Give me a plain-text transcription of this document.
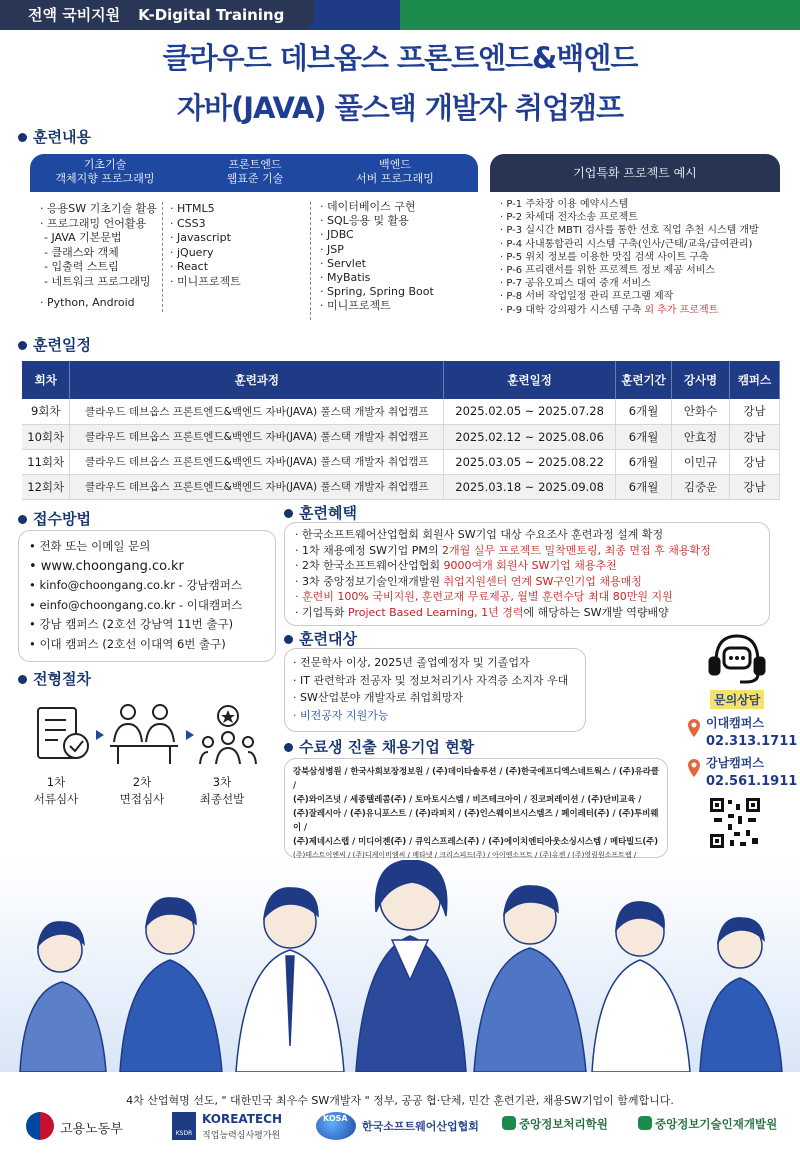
전액 국비지원 K-Digital Training
클라우드 데브옵스 프론트엔드&백엔드
자바(JAVA) 풀스택 개발자 취업캠프
훈련내용
기초기술
객체지향 프로그래밍
프론트엔드
웹표준 기술
백엔드
서버 프로그래밍
· 응용SW 기초기술 활용
· 프로그래밍 언어활용
- JAVA 기본문법
- 클래스와 객체
- 입출력 스트림
- 네트워크 프로그래밍
· Python, Android
· HTML5
· CSS3
· Javascript
· jQuery
· React
· 미니프로젝트
· 데이터베이스 구현
· SQL응용 및 활용
· JDBC
· JSP
· Servlet
· MyBatis
· Spring, Spring Boot
· 미니프로젝트
기업특화 프로젝트 예시
· P-1 주차장 이용 예약시스템
· P-2 차세대 전자소송 프로젝트
· P-3 실시간 MBTI 검사를 통한 선호 직업 추천 시스템 개발
· P-4 사내통합관리 시스템 구축(인사/근태/교육/급여관리)
· P-5 위치 정보를 이용한 맛집 검색 사이트 구축
· P-6 프리랜서를 위한 프로젝트 정보 제공 서비스
· P-7 공유오피스 대여 중개 서비스
· P-8 서버 작업일정 관리 프로그램 제작
· P-9 대학 강의평가 시스템 구축 외 추가 프로젝트
훈련일정
회차	훈련과정	훈련일정	훈련기간	강사명	캠퍼스
9회차	클라우드 데브옵스 프론트엔드&백엔드 자바(JAVA) 풀스택 개발자 취업캠프	2025.02.05 ~ 2025.07.28	6개월	안화수	강남
10회차	클라우드 데브옵스 프론트엔드&백엔드 자바(JAVA) 풀스택 개발자 취업캠프	2025.02.12 ~ 2025.08.06	6개월	안효정	강남
11회차	클라우드 데브옵스 프론트엔드&백엔드 자바(JAVA) 풀스택 개발자 취업캠프	2025.03.05 ~ 2025.08.22	6개월	이민규	강남
12회차	클라우드 데브옵스 프론트엔드&백엔드 자바(JAVA) 풀스택 개발자 취업캠프	2025.03.18 ~ 2025.09.08	6개월	김중운	강남
접수방법
• 전화 또는 이메일 문의
• www.choongang.co.kr
• kinfo@choongang.co.kr - 강남캠퍼스
• einfo@choongang.co.kr - 이대캠퍼스
• 강남 캠퍼스 (2호선 강남역 11번 출구)
• 이대 캠퍼스 (2호선 이대역 6번 출구)
전형절차
1차
서류심사
2차
면접심사
3차
최종선발
훈련혜택
· 한국소프트웨어산업협회 회원사 SW기업 대상 수요조사 훈련과정 설계 확정
· 1차 채용예정 SW기업 PM의 2개월 실무 프로젝트 밀착멘토링, 최종 면접 후 채용확정
· 2차 한국소프트웨어산업협회 9000여개 회원사 SW기업 채용추천
· 3차 중앙정보기술인재개발원 취업지원센터 연계 SW구인기업 채용매칭
· 훈련비 100% 국비지원, 훈련교재 무료제공, 월별 훈련수당 최대 80만원 지원
· 기업특화 Project Based Learning, 1년 경력에 해당하는 SW개발 역량배양
훈련대상
· 전문학사 이상, 2025년 졸업예정자 및 기졸업자
· IT 관련학과 전공자 및 정보처리기사 자격증 소지자 우대
· SW산업분야 개발자로 취업희망자
· 비전공자 지원가능
문의상담
이대캠퍼스
02.313.1711
강남캠퍼스
02.561.1911
수료생 진출 채용기업 현황
강북삼성병원 / 한국사회보장정보원 / (주)데이타솔루션 / (주)한국에프디엑스네트웍스 / (주)유라클 /
(주)와이즈넛 / 세종텔레콤(주) / 토마토시스템 / 비즈테크아이 / 진코퍼레이션 / (주)단비교육 /
(주)잘레시아 / (주)유니포스트 / (주)라피치 / (주)인스웨이브시스템즈 / 페이레터(주) / (주)투비웨이 /
(주)제네시스랩 / 미디어젠(주) / 큐익스프레스(주) / (주)에이치엔티아웃소싱시스템 / 메타빌드(주)
(주)테스트이엔씨 / (주)디케이비엠씨 / 메타넷 / 크리스피드(주) / 아이엔소프트 / (주)유젠 / (주)영림원소프트랩 /
4차 산업혁명 선도, " 대한민국 최우수 SW개발자 " 정부, 공공 협·단체, 민간 훈련기관, 채용SW기업이 함께합니다.
고용노동부	KSDR
KOREATECH
직업능력심사평가원
KOSA
한국소프트웨어산업협회	중앙정보처리학원	중앙정보기술인재개발원
